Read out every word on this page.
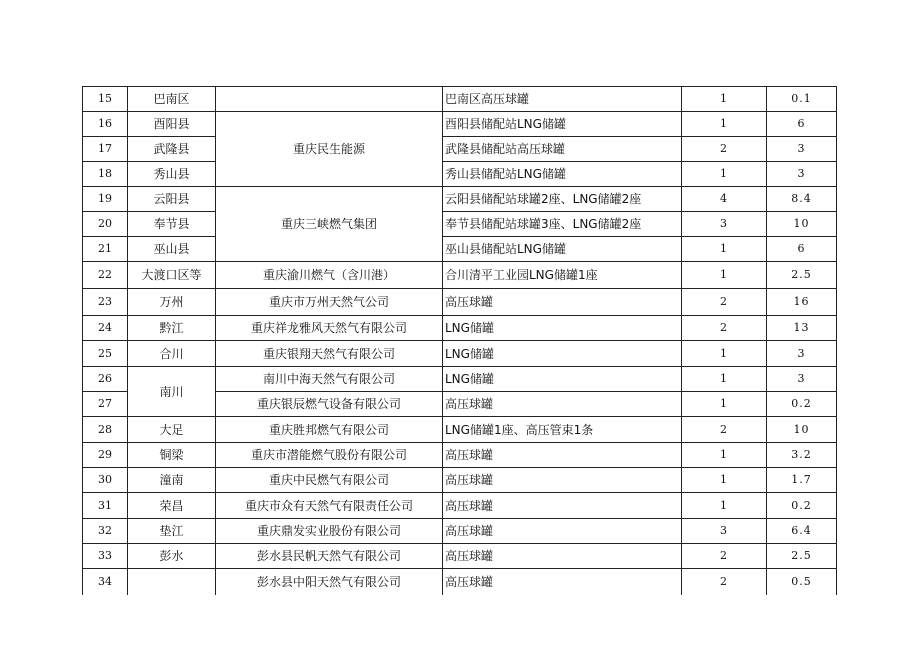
15	巴南区		巴南区高压球罐	1	0.1
16	酉阳县	重庆民生能源	酉阳县储配站LNG储罐	1	6
17	武隆县		武隆县储配站高压球罐	2	3
18	秀山县		秀山县储配站LNG储罐	1	3
19	云阳县	重庆三峡燃气集团	云阳县储配站球罐2座、LNG储罐2座	4	8.4
20	奉节县		奉节县储配站球罐3座、LNG储罐2座	3	10
21	巫山县		巫山县储配站LNG储罐	1	6
22	大渡口区等	重庆渝川燃气（含川港）	合川清平工业园LNG储罐1座	1	2.5
23	万州	重庆市万州天然气公司	高压球罐	2	16
24	黔江	重庆祥龙雅风天然气有限公司	LNG储罐	2	13
25	合川	重庆银翔天然气有限公司	LNG储罐	1	3
26	南川	南川中海天然气有限公司	LNG储罐	1	3
27		重庆银辰燃气设备有限公司	高压球罐	1	0.2
28	大足	重庆胜邦燃气有限公司	LNG储罐1座、高压管束1条	2	10
29	铜梁	重庆市潜能燃气股份有限公司	高压球罐	1	3.2
30	潼南	重庆中民燃气有限公司	高压球罐	1	1.7
31	荣昌	重庆市众有天然气有限责任公司	高压球罐	1	0.2
32	垫江	重庆鼎发实业股份有限公司	高压球罐	3	6.4
33	彭水	彭水县民帆天然气有限公司	高压球罐	2	2.5
34		彭水县中阳天然气有限公司	高压球罐	2	0.5
